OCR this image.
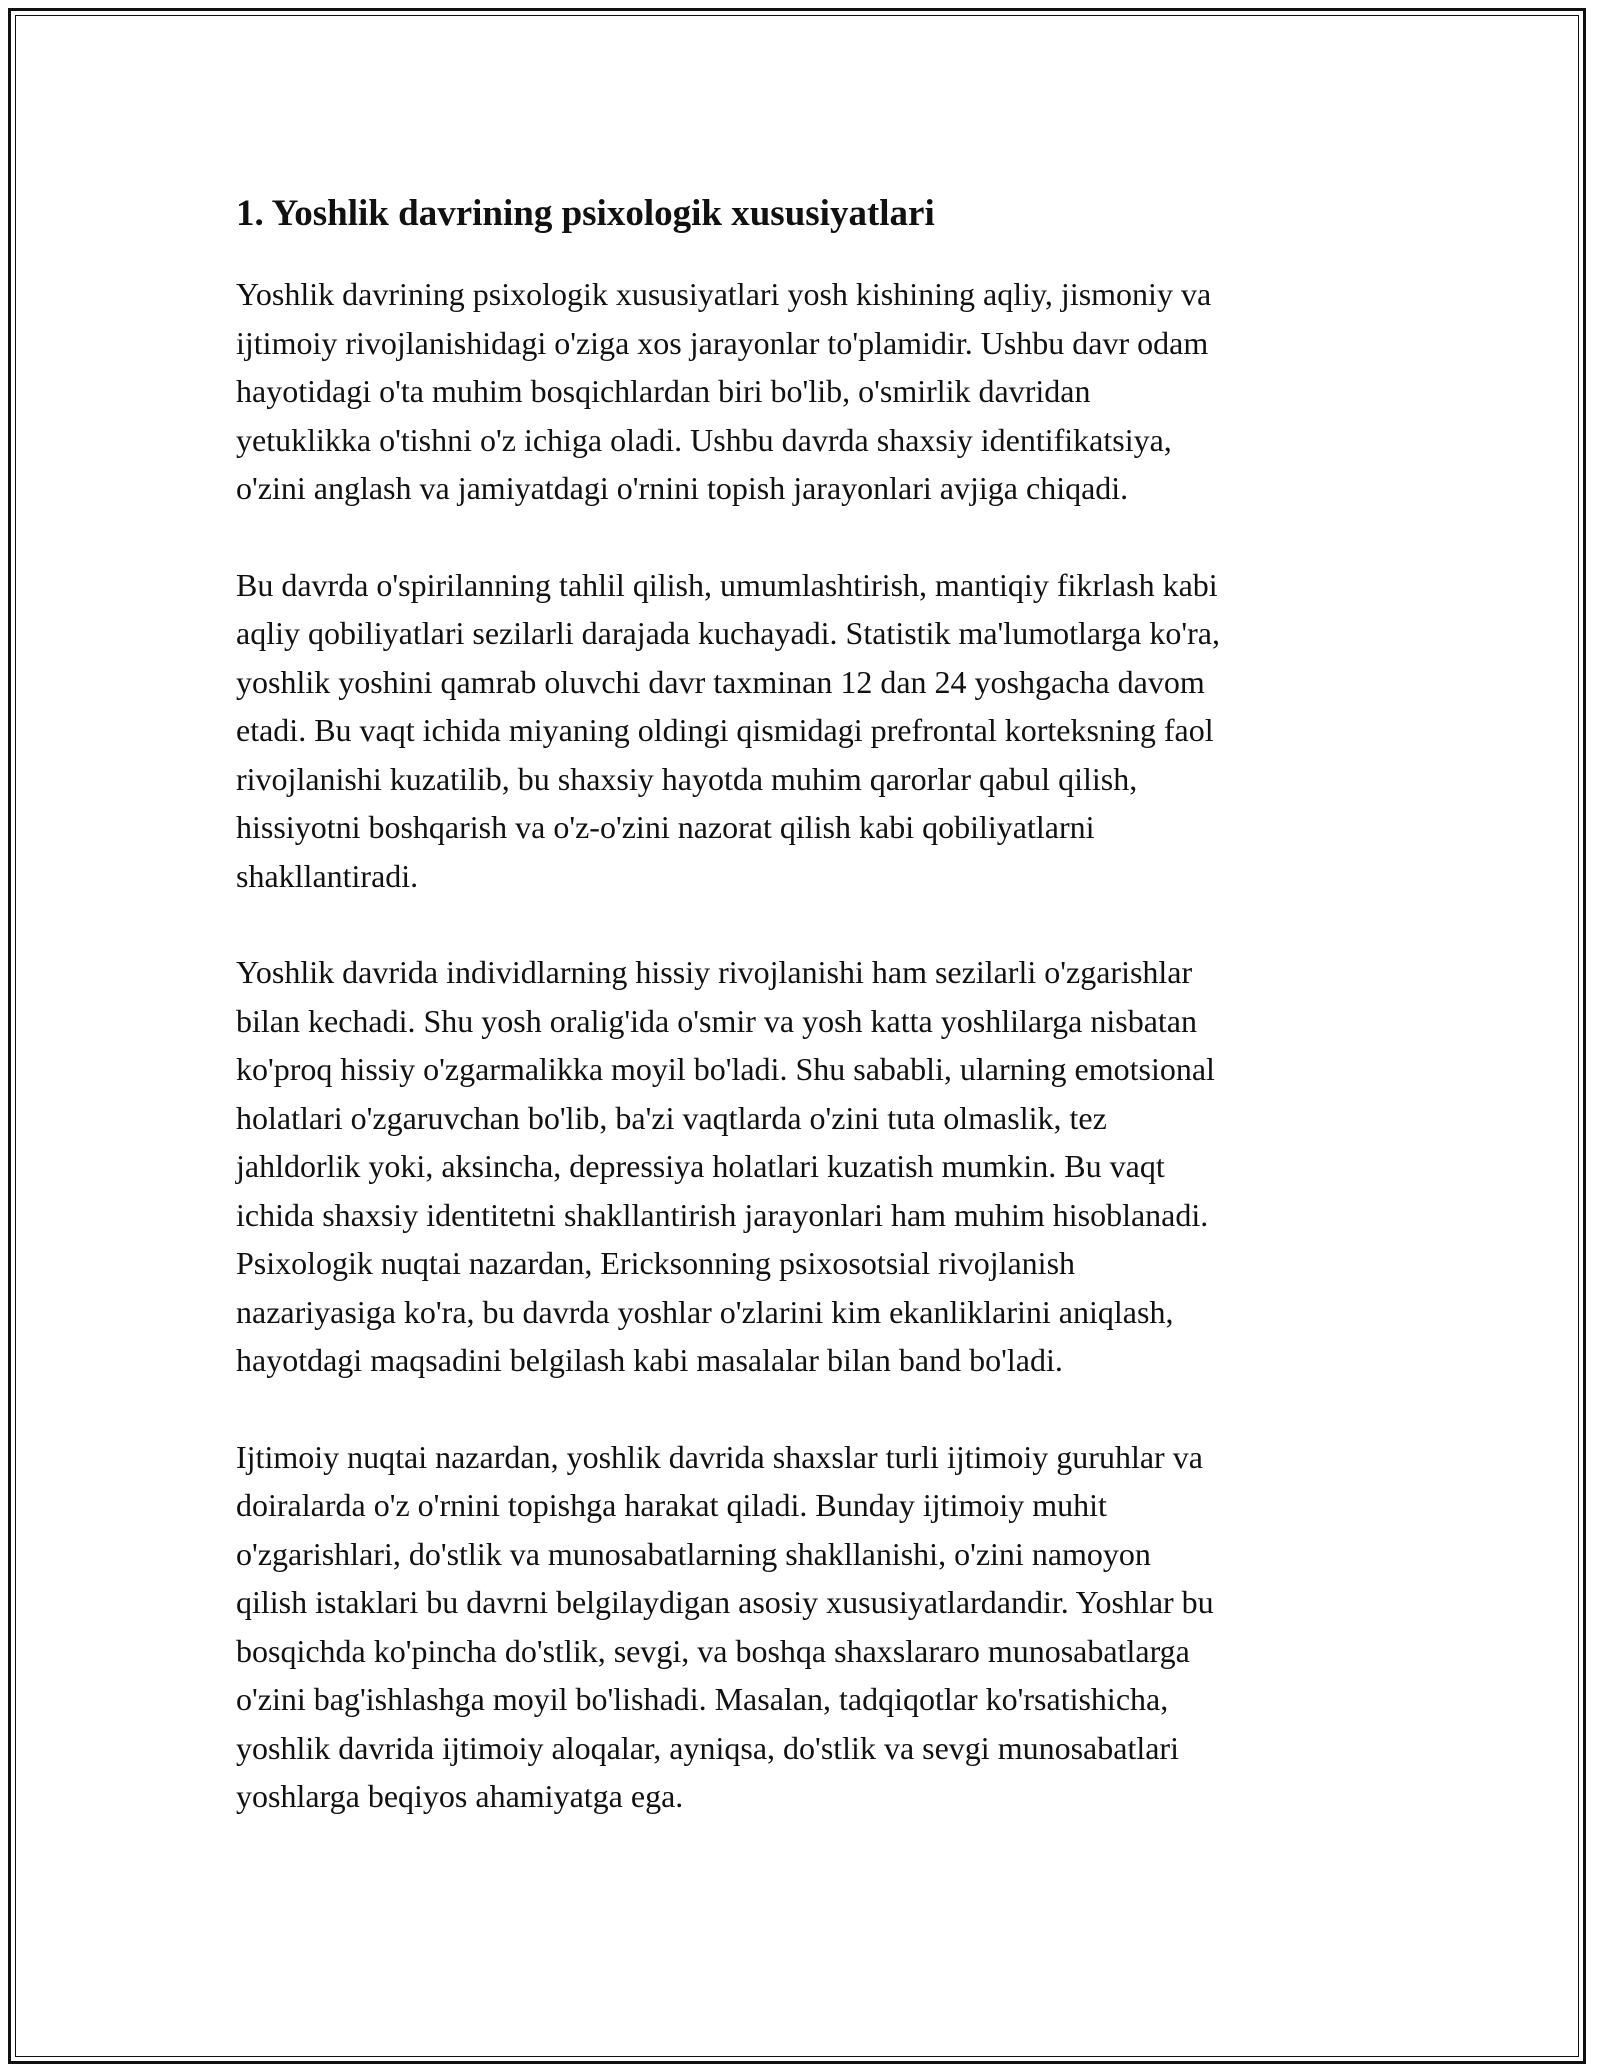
1. Yoshlik davrining psixologik xususiyatlari

Yoshlik davrining psixologik xususiyatlari yosh kishining aqliy, jismoniy va
ijtimoiy rivojlanishidagi o'ziga xos jarayonlar to'plamidir. Ushbu davr odam
hayotidagi o'ta muhim bosqichlardan biri bo'lib, o'smirlik davridan
yetuklikka o'tishni o'z ichiga oladi. Ushbu davrda shaxsiy identifikatsiya,
o'zini anglash va jamiyatdagi o'rnini topish jarayonlari avjiga chiqadi.

Bu davrda o'spirilanning tahlil qilish, umumlashtirish, mantiqiy fikrlash kabi
aqliy qobiliyatlari sezilarli darajada kuchayadi. Statistik ma'lumotlarga ko'ra,
yoshlik yoshini qamrab oluvchi davr taxminan 12 dan 24 yoshgacha davom
etadi. Bu vaqt ichida miyaning oldingi qismidagi prefrontal korteksning faol
rivojlanishi kuzatilib, bu shaxsiy hayotda muhim qarorlar qabul qilish,
hissiyotni boshqarish va o'z-o'zini nazorat qilish kabi qobiliyatlarni
shakllantiradi.

Yoshlik davrida individlarning hissiy rivojlanishi ham sezilarli o'zgarishlar
bilan kechadi. Shu yosh oralig'ida o'smir va yosh katta yoshlilarga nisbatan
ko'proq hissiy o'zgarmalikka moyil bo'ladi. Shu sababli, ularning emotsional
holatlari o'zgaruvchan bo'lib, ba'zi vaqtlarda o'zini tuta olmaslik, tez
jahldorlik yoki, aksincha, depressiya holatlari kuzatish mumkin. Bu vaqt
ichida shaxsiy identitetni shakllantirish jarayonlari ham muhim hisoblanadi.
Psixologik nuqtai nazardan, Ericksonning psixosotsial rivojlanish
nazariyasiga ko'ra, bu davrda yoshlar o'zlarini kim ekanliklarini aniqlash,
hayotdagi maqsadini belgilash kabi masalalar bilan band bo'ladi.

Ijtimoiy nuqtai nazardan, yoshlik davrida shaxslar turli ijtimoiy guruhlar va
doiralarda o'z o'rnini topishga harakat qiladi. Bunday ijtimoiy muhit
o'zgarishlari, do'stlik va munosabatlarning shakllanishi, o'zini namoyon
qilish istaklari bu davrni belgilaydigan asosiy xususiyatlardandir. Yoshlar bu
bosqichda ko'pincha do'stlik, sevgi, va boshqa shaxslararo munosabatlarga
o'zini bag'ishlashga moyil bo'lishadi. Masalan, tadqiqotlar ko'rsatishicha,
yoshlik davrida ijtimoiy aloqalar, ayniqsa, do'stlik va sevgi munosabatlari
yoshlarga beqiyos ahamiyatga ega.
